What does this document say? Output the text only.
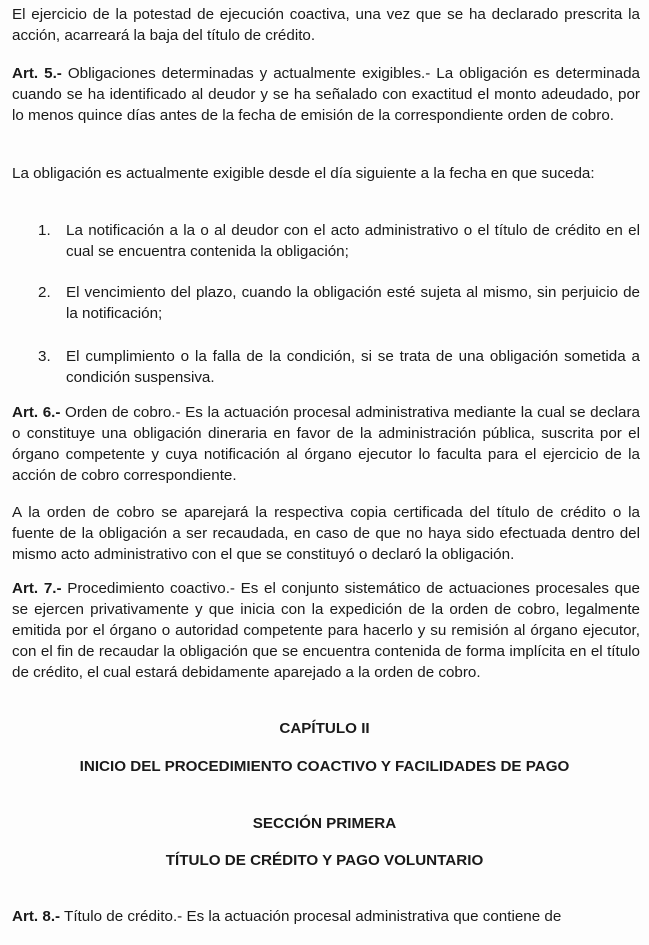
El ejercicio de la potestad de ejecución coactiva, una vez que se ha declarado prescrita la acción, acarreará la baja del título de crédito.

Art. 5.- Obligaciones determinadas y actualmente exigibles.- La obligación es determinada cuando se ha identificado al deudor y se ha señalado con exactitud el monto adeudado, por lo menos quince días antes de la fecha de emisión de la correspondiente orden de cobro.

La obligación es actualmente exigible desde el día siguiente a la fecha en que suceda:

1.	La notificación a la o al deudor con el acto administrativo o el título de crédito en el cual se encuentra contenida la obligación;
2.	El vencimiento del plazo, cuando la obligación esté sujeta al mismo, sin perjuicio de la notificación;
3.	El cumplimiento o la falla de la condición, si se trata de una obligación sometida a condición suspensiva.

Art. 6.- Orden de cobro.- Es la actuación procesal administrativa mediante la cual se declara o constituye una obligación dineraria en favor de la administración pública, suscrita por el órgano competente y cuya notificación al órgano ejecutor lo faculta para el ejercicio de la acción de cobro correspondiente.

A la orden de cobro se aparejará la respectiva copia certificada del título de crédito o la fuente de la obligación a ser recaudada, en caso de que no haya sido efectuada dentro del mismo acto administrativo con el que se constituyó o declaró la obligación.

Art. 7.- Procedimiento coactivo.- Es el conjunto sistemático de actuaciones procesales que se ejercen privativamente y que inicia con la expedición de la orden de cobro, legalmente emitida por el órgano o autoridad competente para hacerlo y su remisión al órgano ejecutor, con el fin de recaudar la obligación que se encuentra contenida de forma implícita en el título de crédito, el cual estará debidamente aparejado a la orden de cobro.

CAPÍTULO II
INICIO DEL PROCEDIMIENTO COACTIVO Y FACILIDADES DE PAGO
SECCIÓN PRIMERA
TÍTULO DE CRÉDITO Y PAGO VOLUNTARIO

Art. 8.- Título de crédito.- Es la actuación procesal administrativa que contiene de
